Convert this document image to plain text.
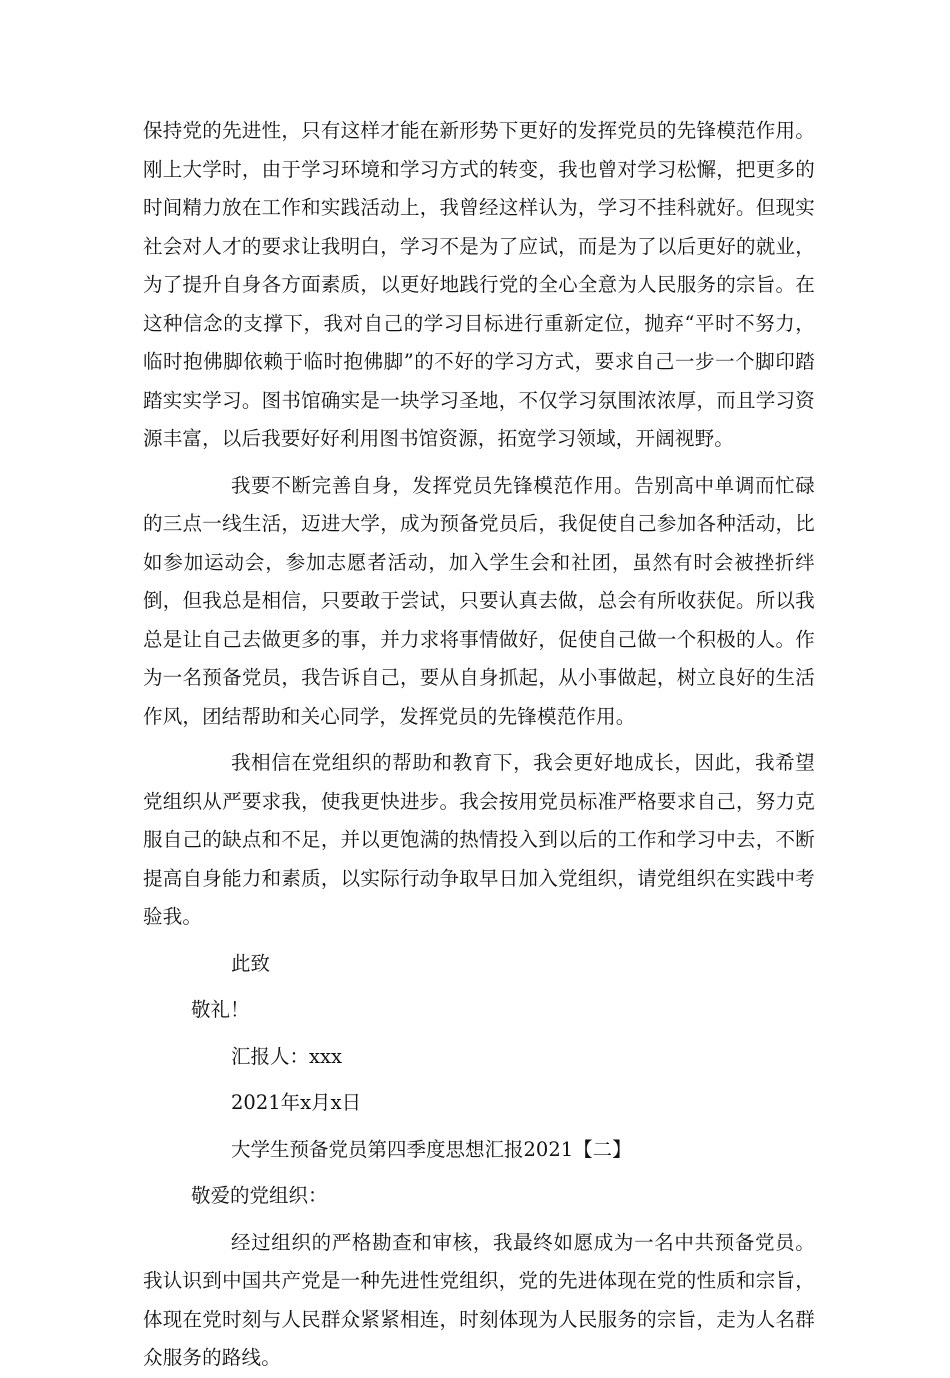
保持党的先进性，只有这样才能在新形势下更好的发挥党员的先锋模范作用。刚上大学时，由于学习环境和学习方式的转变，我也曾对学习松懈，把更多的时间精力放在工作和实践活动上，我曾经这样认为，学习不挂科就好。但现实社会对人才的要求让我明白，学习不是为了应试，而是为了以后更好的就业，为了提升自身各方面素质，以更好地践行党的全心全意为人民服务的宗旨。在这种信念的支撑下，我对自己的学习目标进行重新定位，抛弃“平时不努力，临时抱佛脚依赖于临时抱佛脚”的不好的学习方式，要求自己一步一个脚印踏踏实实学习。图书馆确实是一块学习圣地，不仅学习氛围浓浓厚，而且学习资源丰富，以后我要好好利用图书馆资源，拓宽学习领域，开阔视野。

我要不断完善自身，发挥党员先锋模范作用。告别高中单调而忙碌的三点一线生活，迈进大学，成为预备党员后，我促使自己参加各种活动，比如参加运动会，参加志愿者活动，加入学生会和社团，虽然有时会被挫折绊倒，但我总是相信，只要敢于尝试，只要认真去做，总会有所收获促。所以我总是让自己去做更多的事，并力求将事情做好，促使自己做一个积极的人。作为一名预备党员，我告诉自己，要从自身抓起，从小事做起，树立良好的生活作风，团结帮助和关心同学，发挥党员的先锋模范作用。

我相信在党组织的帮助和教育下，我会更好地成长，因此，我希望党组织从严要求我，使我更快进步。我会按用党员标准严格要求自己，努力克服自己的缺点和不足，并以更饱满的热情投入到以后的工作和学习中去，不断提高自身能力和素质，以实际行动争取早日加入党组织，请党组织在实践中考验我。

此致

敬礼！

汇报人：xxx

2021年x月x日

大学生预备党员第四季度思想汇报2021【二】

敬爱的党组织：

经过组织的严格勘查和审核，我最终如愿成为一名中共预备党员。我认识到中国共产党是一种先进性党组织，党的先进体现在党的性质和宗旨，体现在党时刻与人民群众紧紧相连，时刻体现为人民服务的宗旨，走为人名群众服务的路线。
